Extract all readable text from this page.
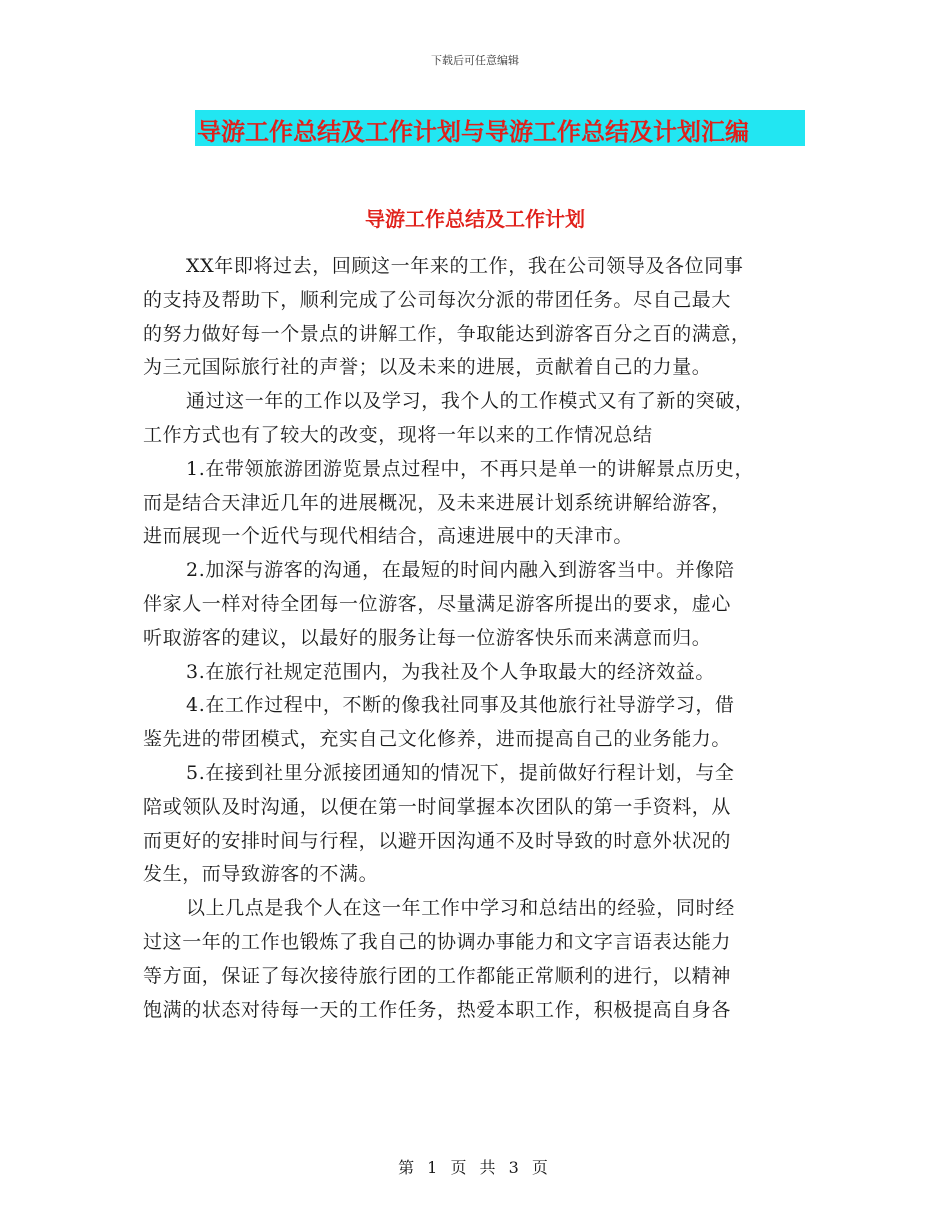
下载后可任意编辑
导游工作总结及工作计划与导游工作总结及计划汇编
导游工作总结及工作计划
XX年即将过去，回顾这一年来的工作，我在公司领导及各位同事
的支持及帮助下，顺利完成了公司每次分派的带团任务。尽自己最大
的努力做好每一个景点的讲解工作，争取能达到游客百分之百的满意，
为三元国际旅行社的声誉；以及未来的进展，贡献着自己的力量。
通过这一年的工作以及学习，我个人的工作模式又有了新的突破，
工作方式也有了较大的改变，现将一年以来的工作情况总结
1.在带领旅游团游览景点过程中，不再只是单一的讲解景点历史，
而是结合天津近几年的进展概况，及未来进展计划系统讲解给游客，
进而展现一个近代与现代相结合，高速进展中的天津市。
2.加深与游客的沟通，在最短的时间内融入到游客当中。并像陪
伴家人一样对待全团每一位游客，尽量满足游客所提出的要求，虚心
听取游客的建议，以最好的服务让每一位游客快乐而来满意而归。
3.在旅行社规定范围内，为我社及个人争取最大的经济效益。
4.在工作过程中，不断的像我社同事及其他旅行社导游学习，借
鉴先进的带团模式，充实自己文化修养，进而提高自己的业务能力。
5.在接到社里分派接团通知的情况下，提前做好行程计划，与全
陪或领队及时沟通，以便在第一时间掌握本次团队的第一手资料，从
而更好的安排时间与行程，以避开因沟通不及时导致的时意外状况的
发生，而导致游客的不满。
以上几点是我个人在这一年工作中学习和总结出的经验，同时经
过这一年的工作也锻炼了我自己的协调办事能力和文字言语表达能力
等方面，保证了每次接待旅行团的工作都能正常顺利的进行，以精神
饱满的状态对待每一天的工作任务，热爱本职工作，积极提高自身各
第 1 页 共 3 页
